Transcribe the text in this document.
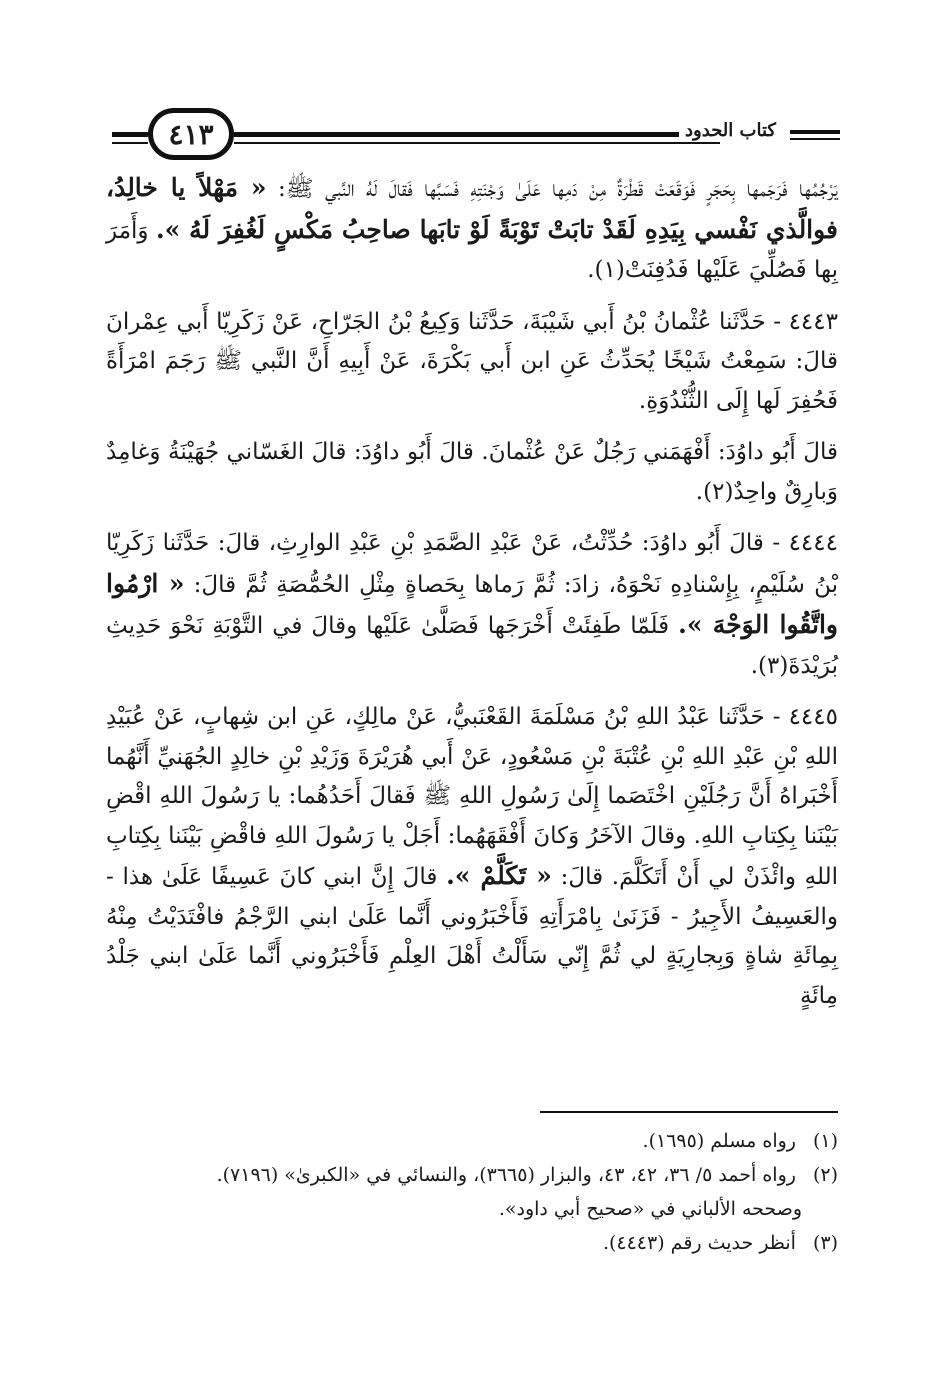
٤١٣	كتاب الحدود

يَرْجُمُها فَرَجَمها بِحَجَرٍ فَوَقَعَتْ قَطْرَةٌ مِنْ دَمِها عَلَىٰ وَجْنَتِهِ فَسَبَّها فَقالَ لَهُ النَّبي ﷺ: « مَهْلاً يا خالِدُ، فوالَّذي نَفْسي بِيَدِهِ لَقَدْ تابَتْ تَوْبَةً لَوْ تابَها صاحِبُ مَكْسٍ لَغُفِرَ لَهُ ». وَأَمَرَ بِها فَصُلِّيَ عَلَيْها فَدُفِنَتْ(١).

٤٤٤٣ - حَدَّثَنا عُثْمانُ بْنُ أَبي شَيْبَةَ، حَدَّثَنا وَكِيعُ بْنُ الجَرّاحِ، عَنْ زَكَرِيّا أَبي عِمْرانَ قالَ: سَمِعْتُ شَيْخًا يُحَدِّثُ عَنِ ابن أَبي بَكْرَةَ، عَنْ أَبِيهِ أَنَّ النَّبي ﷺ رَجَمَ امْرَأَةً فَحُفِرَ لَها إِلَى الثُّنْدُوَةِ.

قالَ أَبُو داوُدَ: أَفْهَمَني رَجُلٌ عَنْ عُثْمانَ. قالَ أَبُو داوُدَ: قالَ الغَسّاني جُهَيْنَةُ وَغامِدٌ وَبارِقٌ واحِدٌ(٢).

٤٤٤٤ - قالَ أَبُو داوُدَ: حُدِّثْتُ، عَنْ عَبْدِ الصَّمَدِ بْنِ عَبْدِ الوارِثِ، قالَ: حَدَّثَنا زَكَرِيّا بْنُ سُلَيْمٍ، بِإِسْنادِهِ نَحْوَهُ، زادَ: ثُمَّ رَماها بِحَصاةٍ مِثْلِ الحُمُّصَةِ ثُمَّ قالَ: « ارْمُوا واتَّقُوا الوَجْهَ ». فَلَمّا طَفِئَتْ أَخْرَجَها فَصَلَّىٰ عَلَيْها وقالَ في التَّوْبَةِ نَحْوَ حَدِيثِ بُرَيْدَةَ(٣).

٤٤٤٥ - حَدَّثَنا عَبْدُ اللهِ بْنُ مَسْلَمَةَ القَعْنَبيُّ، عَنْ مالِكٍ، عَنِ ابن شِهابٍ، عَنْ عُبَيْدِ اللهِ بْنِ عَبْدِ اللهِ بْنِ عُتْبَةَ بْنِ مَسْعُودٍ، عَنْ أَبي هُرَيْرَةَ وَزَيْدِ بْنِ خالِدٍ الجُهَنيِّ أَنَّهُما أَخْبَراهُ أَنَّ رَجُلَيْنِ اخْتَصَما إِلَىٰ رَسُولِ اللهِ ﷺ فَقالَ أَحَدُهُما: يا رَسُولَ اللهِ اقْضِ بَيْنَنا بِكِتابِ اللهِ. وقالَ الآخَرُ وَكانَ أَفْقَهَهُما: أَجَلْ يا رَسُولَ اللهِ فاقْضِ بَيْنَنا بِكِتابِ اللهِ وائْذَنْ لي أَنْ أَتَكَلَّمَ. قالَ: « تَكَلَّمْ ». قالَ إِنَّ ابني كانَ عَسِيفًا عَلَىٰ هذا - والعَسِيفُ الأَجِيرُ - فَزَنَىٰ بِامْرَأَتِهِ فَأَخْبَرُوني أَنَّما عَلَىٰ ابني الرَّجْمُ فافْتَدَيْتُ مِنْهُ بِمِائَةِ شاةٍ وَبِجارِيَةٍ لي ثُمَّ إِنّي سَأَلْتُ أَهْلَ العِلْمِ فَأَخْبَرُوني أَنَّما عَلَىٰ ابني جَلْدُ مِائَةٍ

(١) رواه مسلم (١٦٩٥).

(٢) رواه أحمد ٥/ ٣٦، ٤٢، ٤٣، والبزار (٣٦٦٥)، والنسائي في «الكبرىٰ» (٧١٩٦).

وصححه الألباني في «صحيح أبي داود».

(٣) أنظر حديث رقم (٤٤٤٣).
